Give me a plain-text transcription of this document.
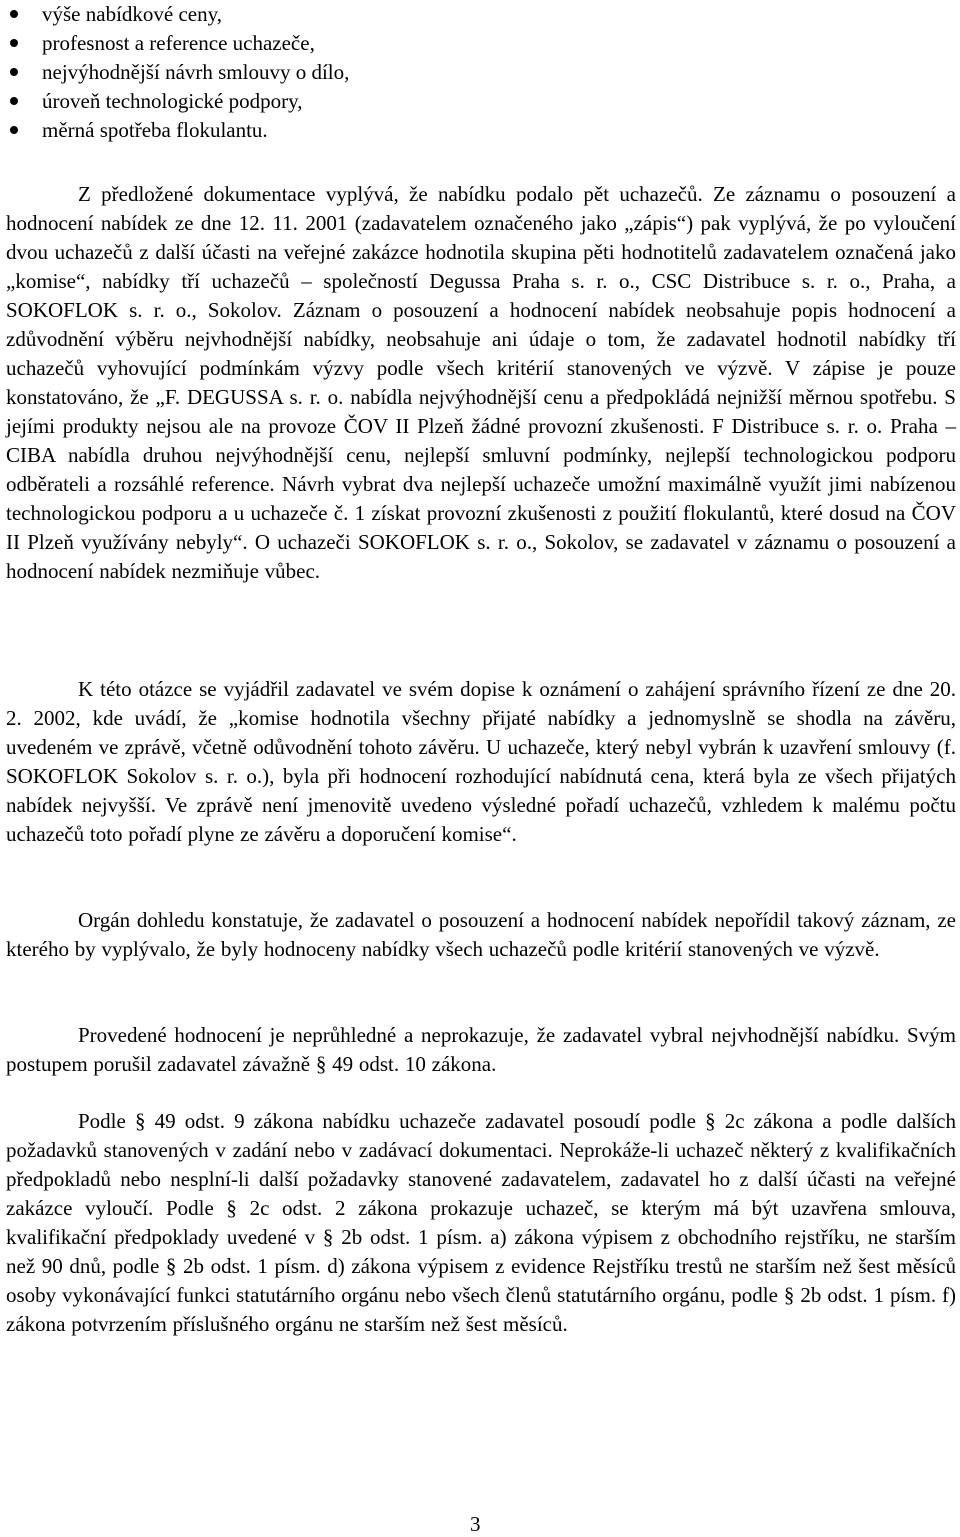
výše nabídkové ceny,
profesnost a reference uchazeče,
nejvýhodnější návrh smlouvy o dílo,
úroveň technologické podpory,
měrná spotřeba flokulantu.

Z předložené dokumentace vyplývá, že nabídku podalo pět uchazečů. Ze záznamu o posouzení a hodnocení nabídek ze dne 12. 11. 2001 (zadavatelem označeného jako „zápis“) pak vyplývá, že po vyloučení dvou uchazečů z další účasti na veřejné zakázce hodnotila skupina pěti hodnotitelů zadavatelem označená jako „komise“, nabídky tří uchazečů – společností Degussa Praha s. r. o., CSC Distribuce s. r. o., Praha, a SOKOFLOK s. r. o., Sokolov. Záznam o posouzení a hodnocení nabídek neobsahuje popis hodnocení a zdůvodnění výběru nejvhodnější nabídky, neobsahuje ani údaje o tom, že zadavatel hodnotil nabídky tří uchazečů vyhovující podmínkám výzvy podle všech kritérií stanovených ve výzvě. V zápise je pouze konstatováno, že „F. DEGUSSA s. r. o. nabídla nejvýhodnější cenu a předpokládá nejnižší měrnou spotřebu. S jejími produkty nejsou ale na provoze ČOV II Plzeň žádné provozní zkušenosti. F Distribuce s. r. o. Praha – CIBA nabídla druhou nejvýhodnější cenu, nejlepší smluvní podmínky, nejlepší technologickou podporu odběrateli a rozsáhlé reference. Návrh vybrat dva nejlepší uchazeče umožní maximálně využít jimi nabízenou technologickou podporu a u uchazeče č. 1 získat provozní zkušenosti z použití flokulantů, které dosud na ČOV II Plzeň využívány nebyly“. O uchazeči SOKOFLOK s. r. o., Sokolov, se zadavatel v záznamu o posouzení a hodnocení nabídek nezmiňuje vůbec.

K této otázce se vyjádřil zadavatel ve svém dopise k oznámení o zahájení správního řízení ze dne 20. 2. 2002, kde uvádí, že „komise hodnotila všechny přijaté nabídky a jednomyslně se shodla na závěru, uvedeném ve zprávě, včetně odůvodnění tohoto závěru. U uchazeče, který nebyl vybrán k uzavření smlouvy (f. SOKOFLOK Sokolov s. r. o.), byla při hodnocení rozhodující nabídnutá cena, která byla ze všech přijatých nabídek nejvyšší. Ve zprávě není jmenovitě uvedeno výsledné pořadí uchazečů, vzhledem k malému počtu uchazečů toto pořadí plyne ze závěru a doporučení komise“.

Orgán dohledu konstatuje, že zadavatel o posouzení a hodnocení nabídek nepořídil takový záznam, ze kterého by vyplývalo, že byly hodnoceny nabídky všech uchazečů podle kritérií stanovených ve výzvě.

Provedené hodnocení je neprůhledné a neprokazuje, že zadavatel vybral nejvhodnější nabídku. Svým postupem porušil zadavatel závažně § 49 odst. 10 zákona.

Podle § 49 odst. 9 zákona nabídku uchazeče zadavatel posoudí podle § 2c zákona a podle dalších požadavků stanovených v zadání nebo v zadávací dokumentaci. Neprokáže-li uchazeč některý z kvalifikačních předpokladů nebo nesplní-li další požadavky stanovené zadavatelem, zadavatel ho z další účasti na veřejné zakázce vyloučí. Podle § 2c odst. 2 zákona prokazuje uchazeč, se kterým má být uzavřena smlouva, kvalifikační předpoklady uvedené v § 2b odst. 1 písm. a) zákona výpisem z obchodního rejstříku, ne starším než 90 dnů, podle § 2b odst. 1 písm. d) zákona výpisem z evidence Rejstříku trestů ne starším než šest měsíců osoby vykonávající funkci statutárního orgánu nebo všech členů statutárního orgánu, podle § 2b odst. 1 písm. f) zákona potvrzením příslušného orgánu ne starším než šest měsíců.

3
